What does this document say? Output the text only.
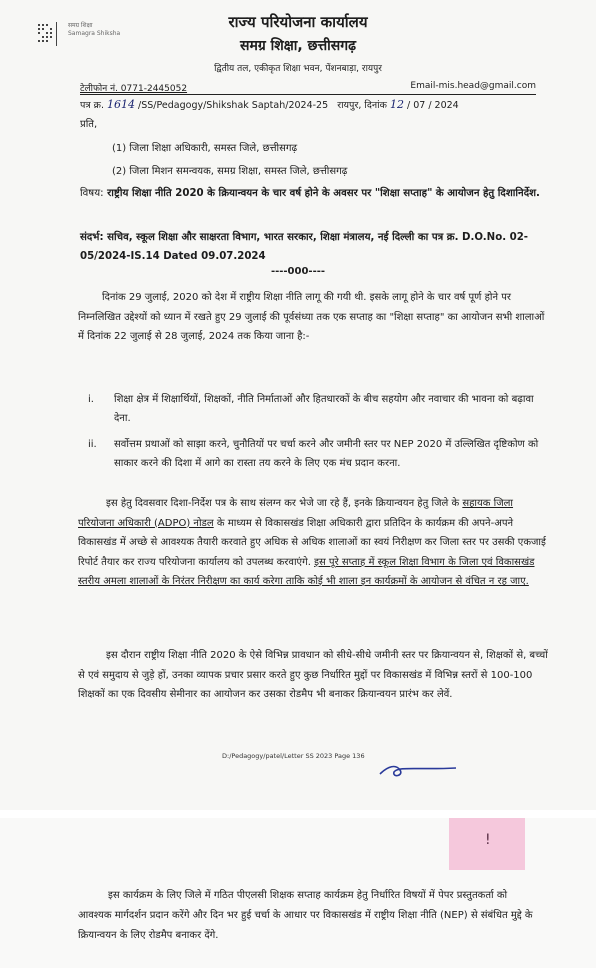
समग्र शिक्षा
Samagra Shiksha
राज्य परियोजना कार्यालय
समग्र शिक्षा, छत्तीसगढ़
द्वितीय तल, एकीकृत शिक्षा भवन, पेंशनबाड़ा, रायपुर
टेलीफोन नं. 0771-2445052	Email-mis.head@gmail.com
पत्र क्र. 1614 /SS/Pedagogy/Shikshak Saptah/2024-25 रायपुर, दिनांक 12 / 07 / 2024
प्रति,
(1) जिला शिक्षा अधिकारी, समस्त जिले, छत्तीसगढ़
(2) जिला मिशन समन्वयक, समग्र शिक्षा, समस्त जिले, छत्तीसगढ़
विषय: राष्ट्रीय शिक्षा नीति 2020 के क्रियान्वयन के चार वर्ष होने के अवसर पर "शिक्षा सप्ताह" के आयोजन हेतु दिशानिर्देश.
संदर्भ: सचिव, स्कूल शिक्षा और साक्षरता विभाग, भारत सरकार, शिक्षा मंत्रालय, नई दिल्ली का पत्र क्र. D.O.No. 02-05/2024-IS.14 Dated 09.07.2024
----000----
दिनांक 29 जुलाई, 2020 को देश में राष्ट्रीय शिक्षा नीति लागू की गयी थी. इसके लागू होने के चार वर्ष पूर्ण होने पर निम्नलिखित उद्देश्यों को ध्यान में रखते हुए 29 जुलाई की पूर्वसंध्या तक एक सप्ताह का "शिक्षा सप्ताह" का आयोजन सभी शालाओं में दिनांक 22 जुलाई से 28 जुलाई, 2024 तक किया जाना है:-
i.	शिक्षा क्षेत्र में शिक्षार्थियों, शिक्षकों, नीति निर्माताओं और हितधारकों के बीच सहयोग और नवाचार की भावना को बढ़ावा देना.
ii.	सर्वोत्तम प्रथाओं को साझा करने, चुनौतियों पर चर्चा करने और जमीनी स्तर पर NEP 2020 में उल्लिखित दृष्टिकोण को साकार करने की दिशा में आगे का रास्ता तय करने के लिए एक मंच प्रदान करना.
इस हेतु दिवसवार दिशा-निर्देश पत्र के साथ संलग्न कर भेजे जा रहे हैं, इनके क्रियान्वयन हेतु जिले के सहायक जिला परियोजना अधिकारी (ADPO) नोडल के माध्यम से विकासखंड शिक्षा अधिकारी द्वारा प्रतिदिन के कार्यक्रम की अपने-अपने विकासखंड में अच्छे से आवश्यक तैयारी करवाते हुए अधिक से अधिक शालाओं का स्वयं निरीक्षण कर जिला स्तर पर उसकी एकजाई रिपोर्ट तैयार कर राज्य परियोजना कार्यालय को उपलब्ध करवाएंगे. इस पूरे सप्ताह में स्कूल शिक्षा विभाग के जिला एवं विकासखंड स्तरीय अमला शालाओं के निरंतर निरीक्षण का कार्य करेगा ताकि कोई भी शाला इन कार्यक्रमों के आयोजन से वंचित न रह जाए.
इस दौरान राष्ट्रीय शिक्षा नीति 2020 के ऐसे विभिन्न प्रावधान को सीधे-सीधे जमीनी स्तर पर क्रियान्वयन से, शिक्षकों से, बच्चों से एवं समुदाय से जुड़े हों, उनका व्यापक प्रचार प्रसार करते हुए कुछ निर्धारित मुद्दों पर विकासखंड में विभिन्न स्तरों से 100-100 शिक्षकों का एक दिवसीय सेमीनार का आयोजन कर उसका रोडमैप भी बनाकर क्रियान्वयन प्रारंभ कर लेवें.
D:/Pedagogy/patel/Letter SS 2023 Page 136
!
इस कार्यक्रम के लिए जिले में गठित पीएलसी शिक्षक सप्ताह कार्यक्रम हेतु निर्धारित विषयों में पेपर प्रस्तुतकर्ता को आवश्यक मार्गदर्शन प्रदान करेंगे और दिन भर हुई चर्चा के आधार पर विकासखंड में राष्ट्रीय शिक्षा नीति (NEP) से संबंधित मुद्दे के क्रियान्वयन के लिए रोडमैप बनाकर देंगे.
